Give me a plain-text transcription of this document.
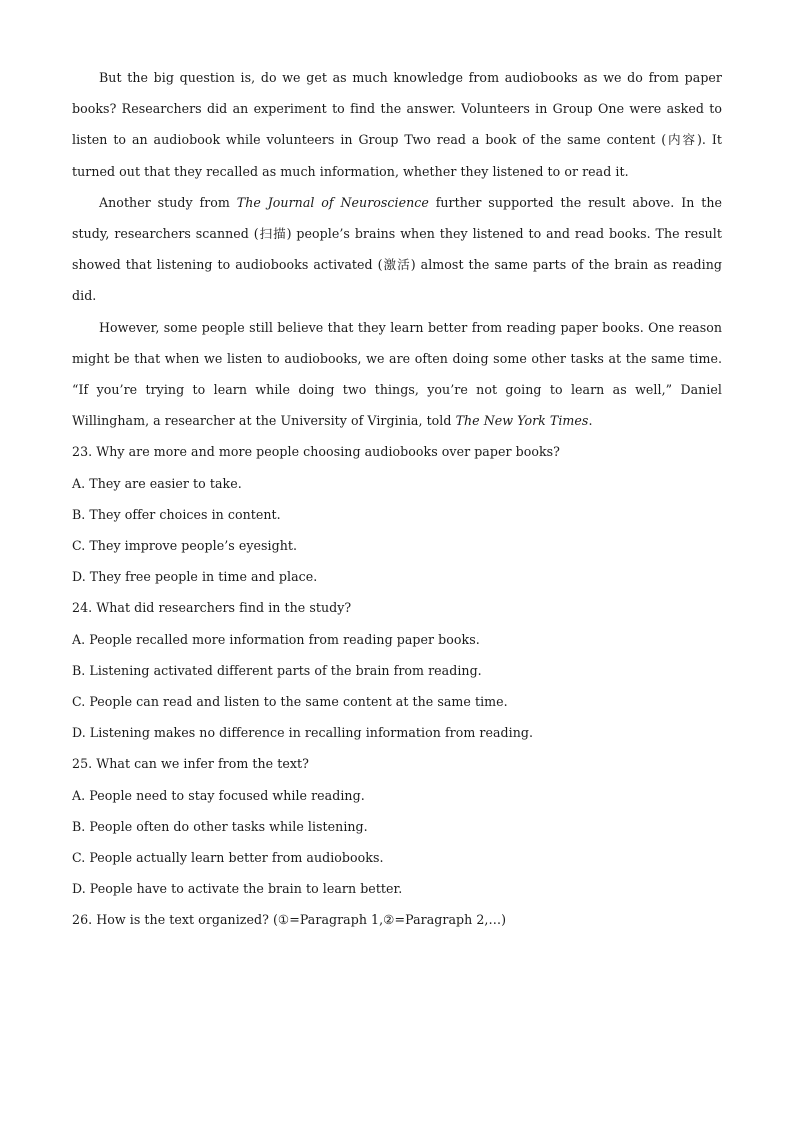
But the big question is, do we get as much knowledge from audiobooks as we do from paper books? Researchers did an experiment to find the answer. Volunteers in Group One were asked to listen to an audiobook while volunteers in Group Two read a book of the same content (内容). It turned out that they recalled as much information, whether they listened to or read it.

Another study from The Journal of Neuroscience further supported the result above. In the study, researchers scanned (扫描) people’s brains when they listened to and read books. The result showed that listening to audiobooks activated (激活) almost the same parts of the brain as reading did.

However, some people still believe that they learn better from reading paper books. One reason might be that when we listen to audiobooks, we are often doing some other tasks at the same time. “If you’re trying to learn while doing two things, you’re not going to learn as well,” Daniel Willingham, a researcher at the University of Virginia, told The New York Times.

23. Why are more and more people choosing audiobooks over paper books?

A. They are easier to take.

B. They offer choices in content.

C. They improve people’s eyesight.

D. They free people in time and place.

24. What did researchers find in the study?

A. People recalled more information from reading paper books.

B. Listening activated different parts of the brain from reading.

C. People can read and listen to the same content at the same time.

D. Listening makes no difference in recalling information from reading.

25. What can we infer from the text?

A. People need to stay focused while reading.

B. People often do other tasks while listening.

C. People actually learn better from audiobooks.

D. People have to activate the brain to learn better.

26. How is the text organized? (①=Paragraph 1,②=Paragraph 2,…)
